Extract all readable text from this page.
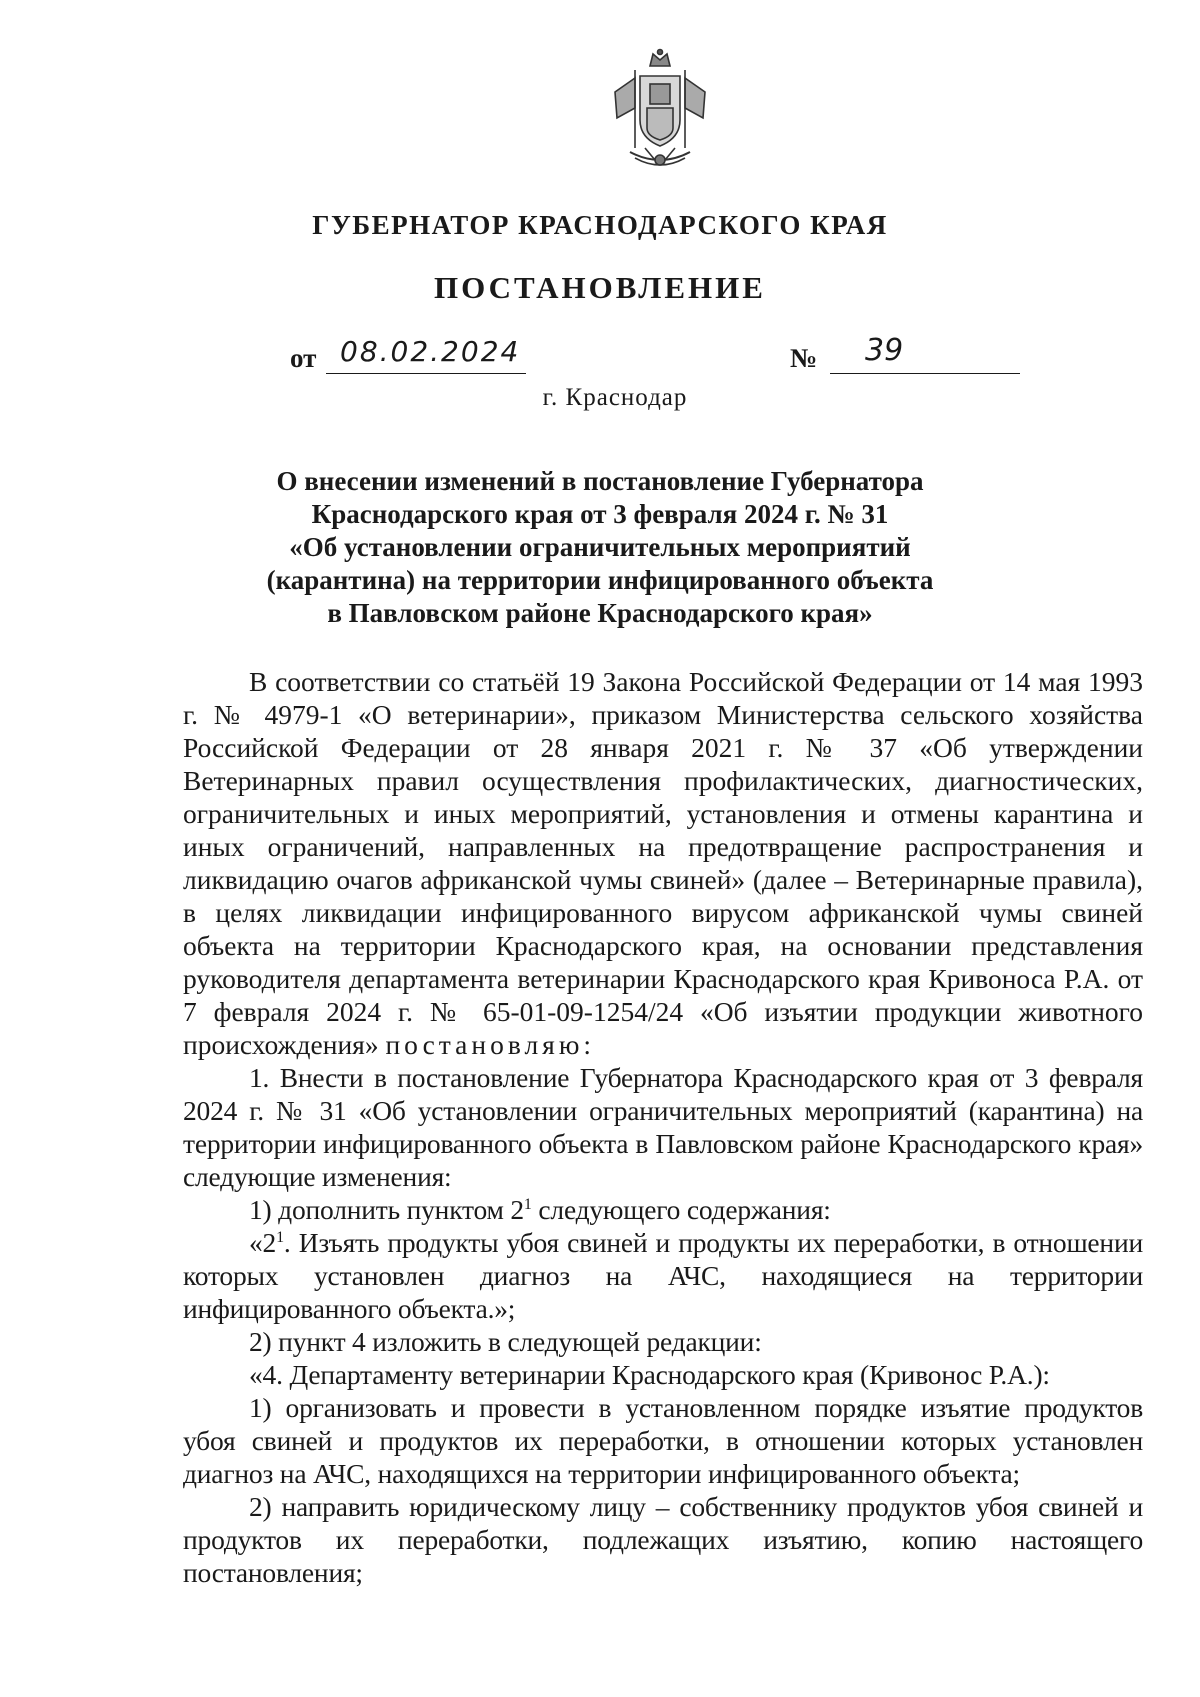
ГУБЕРНАТОР КРАСНОДАРСКОГО КРАЯ
ПОСТАНОВЛЕНИЕ
от 08.02.2024	№ 39
г. Краснодар
О внесении изменений в постановление Губернатора
Краснодарского края от 3 февраля 2024 г. № 31
«Об установлении ограничительных мероприятий
(карантина) на территории инфицированного объекта
в Павловском районе Краснодарского края»

В соответствии со статьёй 19 Закона Российской Федерации от 14 мая 1993 г. № 4979-1 «О ветеринарии», приказом Министерства сельского хозяйства Российской Федерации от 28 января 2021 г. № 37 «Об утверждении Ветеринарных правил осуществления профилактических, диагностических, ограничительных и иных мероприятий, установления и отмены карантина и иных ограничений, направленных на предотвращение распространения и ликвидацию очагов африканской чумы свиней» (далее – Ветеринарные правила), в целях ликвидации инфицированного вирусом африканской чумы свиней объекта на территории Краснодарского края, на основании представления руководителя департамента ветеринарии Краснодарского края Кривоноса Р.А. от 7 февраля 2024 г. № 65-01-09-1254/24 «Об изъятии продукции животного происхождения» постановляю:

1. Внести в постановление Губернатора Краснодарского края от 3 февраля 2024 г. № 31 «Об установлении ограничительных мероприятий (карантина) на территории инфицированного объекта в Павловском районе Краснодарского края» следующие изменения:

1) дополнить пунктом $2^1$ следующего содержания:

«$2^1$. Изъять продукты убоя свиней и продукты их переработки, в отношении которых установлен диагноз на АЧС, находящиеся на территории инфицированного объекта.»;

2) пункт 4 изложить в следующей редакции:

«4. Департаменту ветеринарии Краснодарского края (Кривонос Р.А.):

1) организовать и провести в установленном порядке изъятие продуктов убоя свиней и продуктов их переработки, в отношении которых установлен диагноз на АЧС, находящихся на территории инфицированного объекта;

2) направить юридическому лицу – собственнику продуктов убоя свиней и продуктов их переработки, подлежащих изъятию, копию настоящего постановления;
